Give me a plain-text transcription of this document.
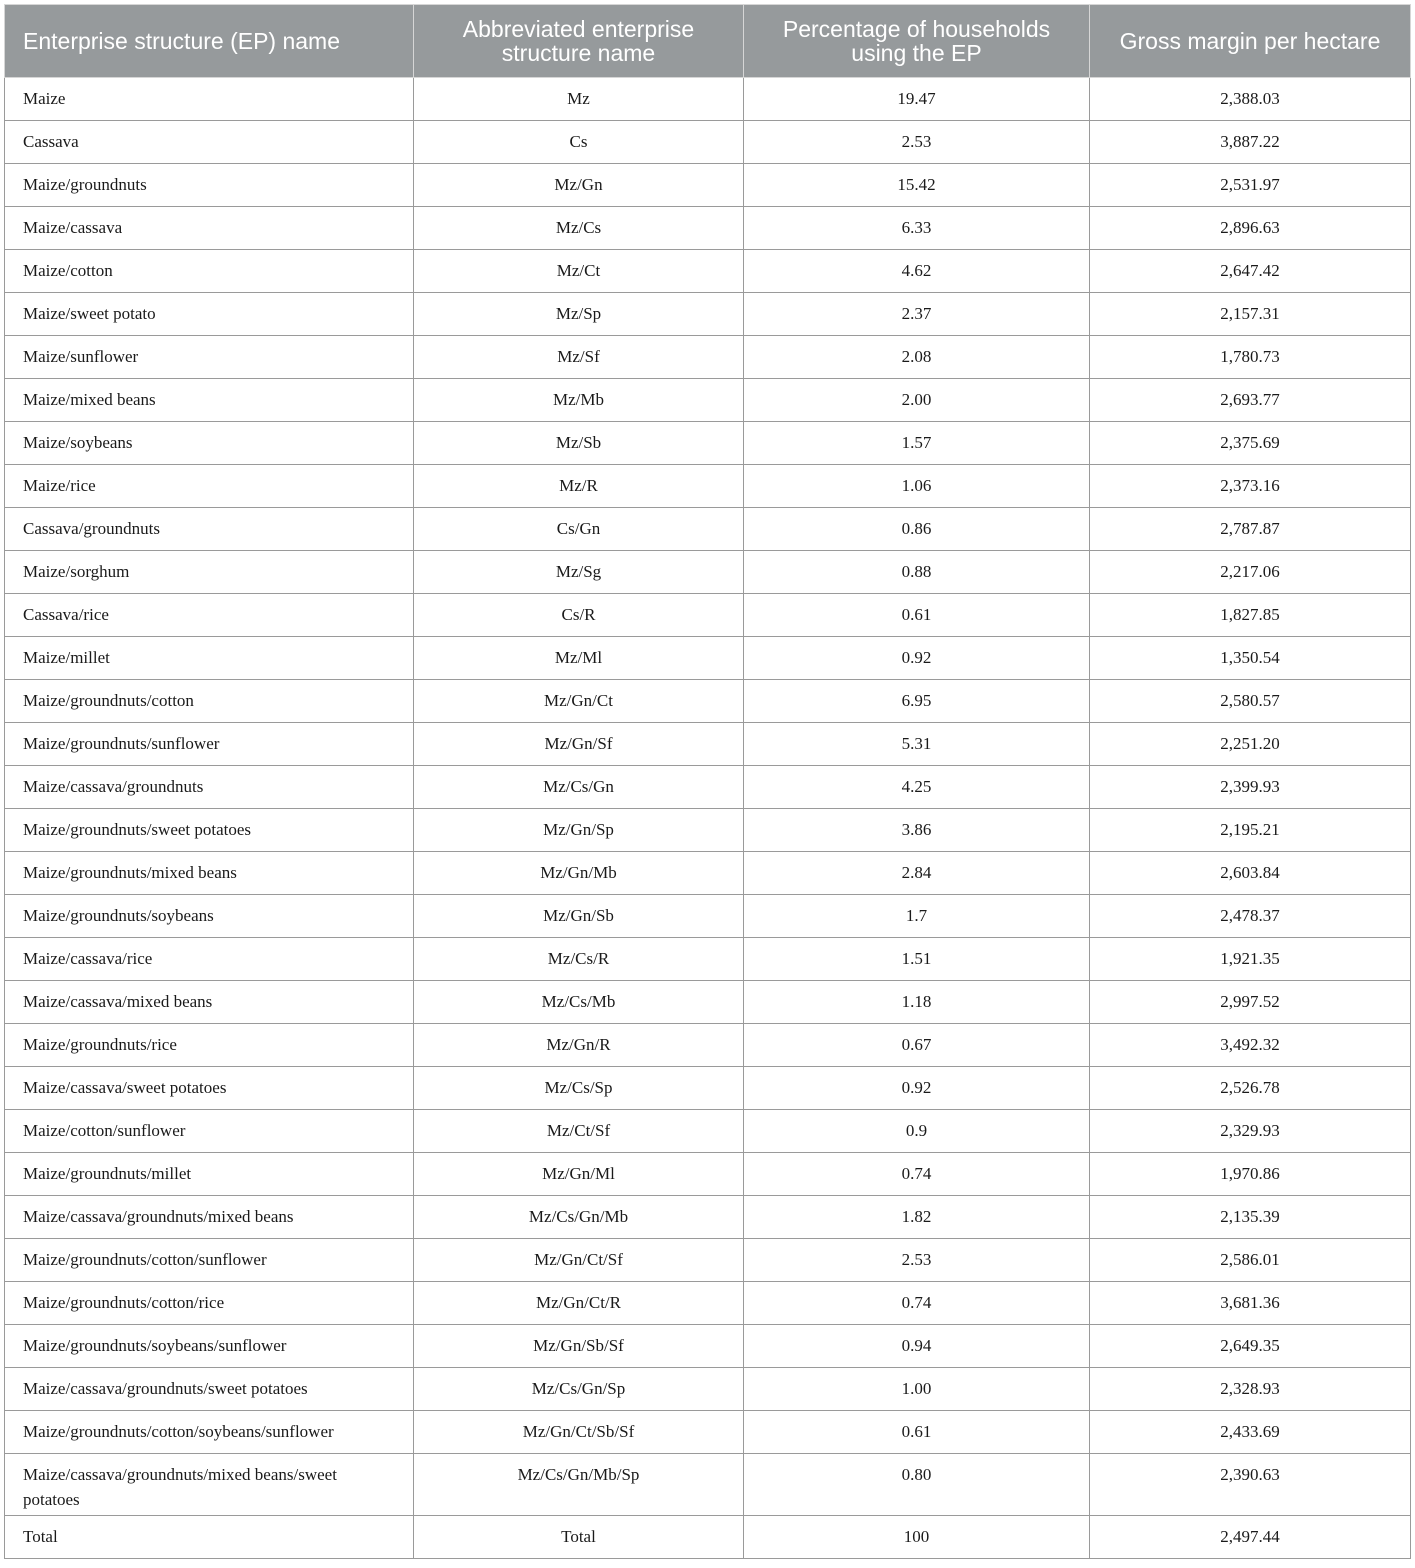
Enterprise structure (EP) name	Abbreviated enterprise structure name	Percentage of households using the EP	Gross margin per hectare
Maize	Mz	19.47	2,388.03
Cassava	Cs	2.53	3,887.22
Maize/groundnuts	Mz/Gn	15.42	2,531.97
Maize/cassava	Mz/Cs	6.33	2,896.63
Maize/cotton	Mz/Ct	4.62	2,647.42
Maize/sweet potato	Mz/Sp	2.37	2,157.31
Maize/sunflower	Mz/Sf	2.08	1,780.73
Maize/mixed beans	Mz/Mb	2.00	2,693.77
Maize/soybeans	Mz/Sb	1.57	2,375.69
Maize/rice	Mz/R	1.06	2,373.16
Cassava/groundnuts	Cs/Gn	0.86	2,787.87
Maize/sorghum	Mz/Sg	0.88	2,217.06
Cassava/rice	Cs/R	0.61	1,827.85
Maize/millet	Mz/Ml	0.92	1,350.54
Maize/groundnuts/cotton	Mz/Gn/Ct	6.95	2,580.57
Maize/groundnuts/sunflower	Mz/Gn/Sf	5.31	2,251.20
Maize/cassava/groundnuts	Mz/Cs/Gn	4.25	2,399.93
Maize/groundnuts/sweet potatoes	Mz/Gn/Sp	3.86	2,195.21
Maize/groundnuts/mixed beans	Mz/Gn/Mb	2.84	2,603.84
Maize/groundnuts/soybeans	Mz/Gn/Sb	1.7	2,478.37
Maize/cassava/rice	Mz/Cs/R	1.51	1,921.35
Maize/cassava/mixed beans	Mz/Cs/Mb	1.18	2,997.52
Maize/groundnuts/rice	Mz/Gn/R	0.67	3,492.32
Maize/cassava/sweet potatoes	Mz/Cs/Sp	0.92	2,526.78
Maize/cotton/sunflower	Mz/Ct/Sf	0.9	2,329.93
Maize/groundnuts/millet	Mz/Gn/Ml	0.74	1,970.86
Maize/cassava/groundnuts/mixed beans	Mz/Cs/Gn/Mb	1.82	2,135.39
Maize/groundnuts/cotton/sunflower	Mz/Gn/Ct/Sf	2.53	2,586.01
Maize/groundnuts/cotton/rice	Mz/Gn/Ct/R	0.74	3,681.36
Maize/groundnuts/soybeans/sunflower	Mz/Gn/Sb/Sf	0.94	2,649.35
Maize/cassava/groundnuts/sweet potatoes	Mz/Cs/Gn/Sp	1.00	2,328.93
Maize/groundnuts/cotton/soybeans/sunflower	Mz/Gn/Ct/Sb/Sf	0.61	2,433.69
Maize/cassava/groundnuts/mixed beans/sweet potatoes	Mz/Cs/Gn/Mb/Sp	0.80	2,390.63
Total	Total	100	2,497.44
